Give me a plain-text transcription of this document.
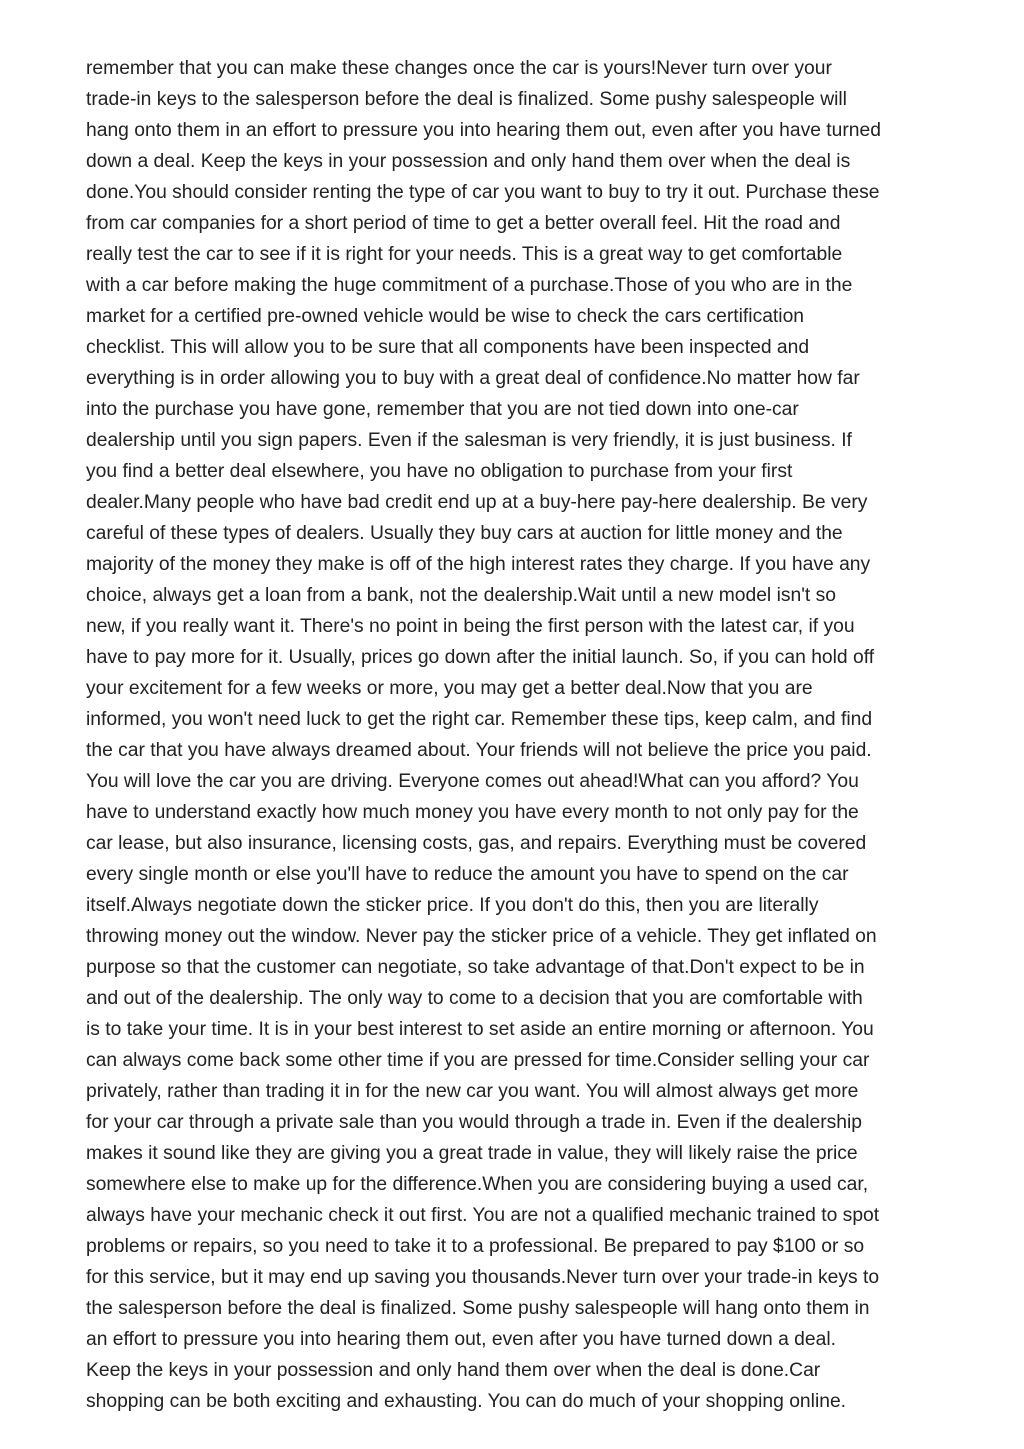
remember that you can make these changes once the car is yours!Never turn over your
trade-in keys to the salesperson before the deal is finalized. Some pushy salespeople will
hang onto them in an effort to pressure you into hearing them out, even after you have turned
down a deal. Keep the keys in your possession and only hand them over when the deal is
done.You should consider renting the type of car you want to buy to try it out. Purchase these
from car companies for a short period of time to get a better overall feel. Hit the road and
really test the car to see if it is right for your needs. This is a great way to get comfortable
with a car before making the huge commitment of a purchase.Those of you who are in the
market for a certified pre-owned vehicle would be wise to check the cars certification
checklist. This will allow you to be sure that all components have been inspected and
everything is in order allowing you to buy with a great deal of confidence.No matter how far
into the purchase you have gone, remember that you are not tied down into one-car
dealership until you sign papers. Even if the salesman is very friendly, it is just business. If
you find a better deal elsewhere, you have no obligation to purchase from your first
dealer.Many people who have bad credit end up at a buy-here pay-here dealership. Be very
careful of these types of dealers. Usually they buy cars at auction for little money and the
majority of the money they make is off of the high interest rates they charge. If you have any
choice, always get a loan from a bank, not the dealership.Wait until a new model isn't so
new, if you really want it. There's no point in being the first person with the latest car, if you
have to pay more for it. Usually, prices go down after the initial launch. So, if you can hold off
your excitement for a few weeks or more, you may get a better deal.Now that you are
informed, you won't need luck to get the right car. Remember these tips, keep calm, and find
the car that you have always dreamed about. Your friends will not believe the price you paid.
You will love the car you are driving. Everyone comes out ahead!What can you afford? You
have to understand exactly how much money you have every month to not only pay for the
car lease, but also insurance, licensing costs, gas, and repairs. Everything must be covered
every single month or else you'll have to reduce the amount you have to spend on the car
itself.Always negotiate down the sticker price. If you don't do this, then you are literally
throwing money out the window. Never pay the sticker price of a vehicle. They get inflated on
purpose so that the customer can negotiate, so take advantage of that.Don't expect to be in
and out of the dealership. The only way to come to a decision that you are comfortable with
is to take your time. It is in your best interest to set aside an entire morning or afternoon. You
can always come back some other time if you are pressed for time.Consider selling your car
privately, rather than trading it in for the new car you want. You will almost always get more
for your car through a private sale than you would through a trade in. Even if the dealership
makes it sound like they are giving you a great trade in value, they will likely raise the price
somewhere else to make up for the difference.When you are considering buying a used car,
always have your mechanic check it out first. You are not a qualified mechanic trained to spot
problems or repairs, so you need to take it to a professional. Be prepared to pay $100 or so
for this service, but it may end up saving you thousands.Never turn over your trade-in keys to
the salesperson before the deal is finalized. Some pushy salespeople will hang onto them in
an effort to pressure you into hearing them out, even after you have turned down a deal.
Keep the keys in your possession and only hand them over when the deal is done.Car
shopping can be both exciting and exhausting. You can do much of your shopping online.
